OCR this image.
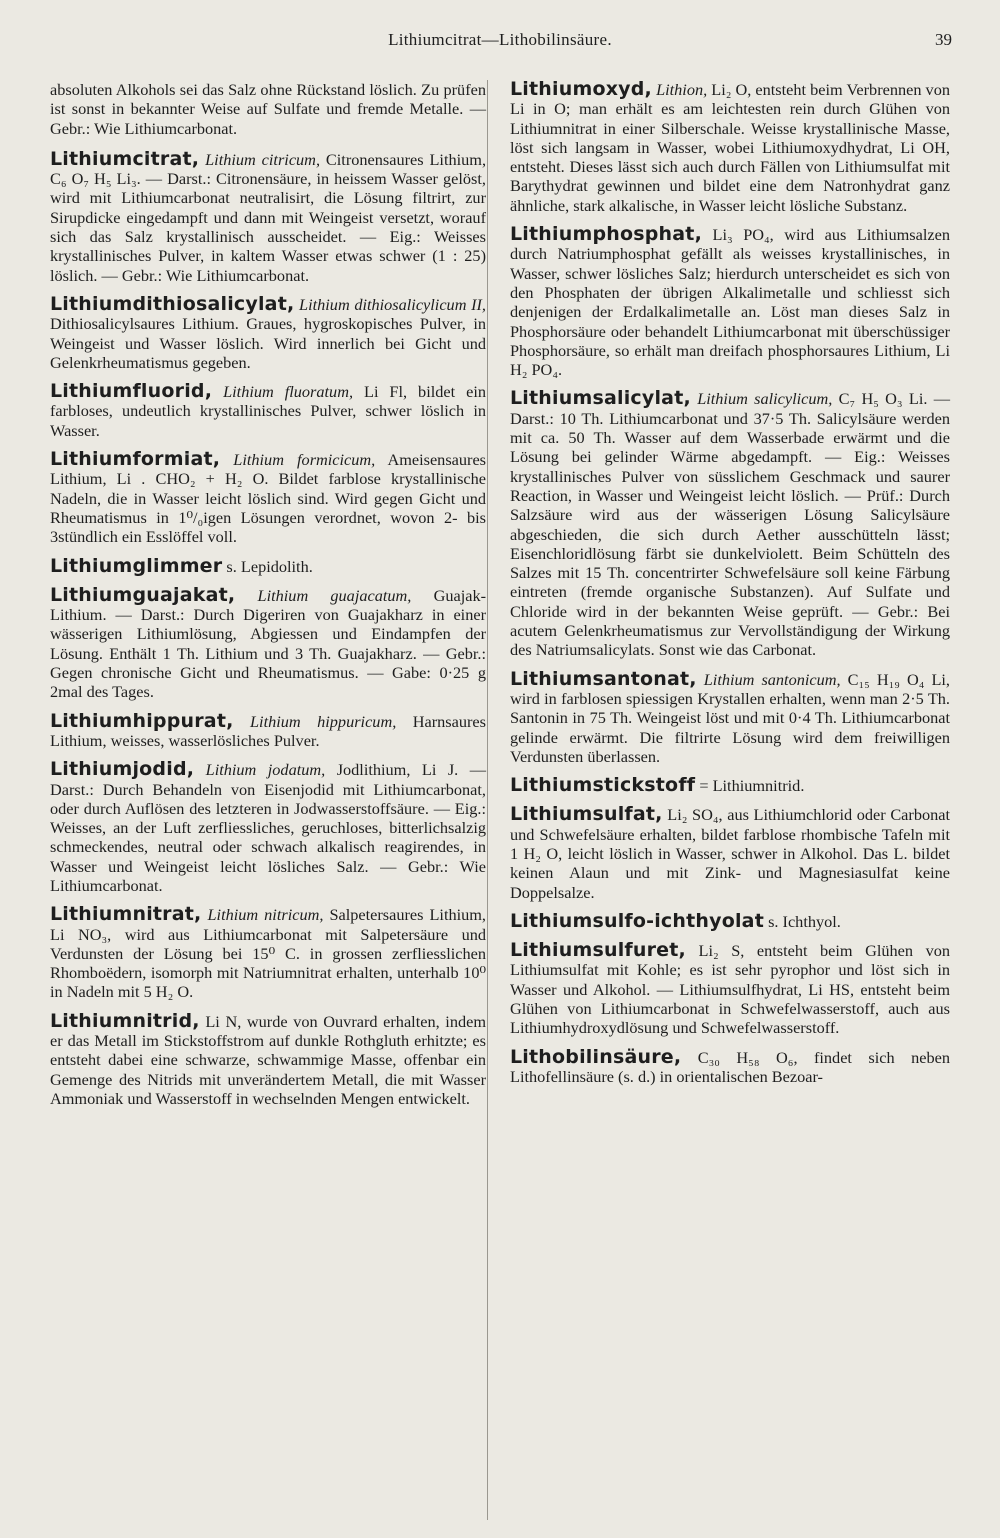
Lithiumcitrat—Lithobilinsäure.	39

absoluten Alkohols sei das Salz ohne Rückstand löslich. Zu prüfen ist sonst in bekannter Weise auf Sulfate und fremde Metalle. — Gebr.: Wie Lithiumcarbonat.

Lithiumcitrat, Lithium citricum, Citronensaures Lithium, C₆ O₇ H₅ Li₃. — Darst.: Citronensäure, in heissem Wasser gelöst, wird mit Lithiumcarbonat neutralisirt, die Lösung filtrirt, zur Sirupdicke eingedampft und dann mit Weingeist versetzt, worauf sich das Salz krystallinisch ausscheidet. — Eig.: Weisses krystallinisches Pulver, in kaltem Wasser etwas schwer (1 : 25) löslich. — Gebr.: Wie Lithiumcarbonat.

Lithiumdithiosalicylat, Lithium dithiosalicylicum II, Dithiosalicylsaures Lithium. Graues, hygroskopisches Pulver, in Weingeist und Wasser löslich. Wird innerlich bei Gicht und Gelenkrheumatismus gegeben.

Lithiumfluorid, Lithium fluoratum, Li Fl, bildet ein farbloses, undeutlich krystallinisches Pulver, schwer löslich in Wasser.

Lithiumformiat, Lithium formicicum, Ameisensaures Lithium, Li . CHO₂ + H₂ O. Bildet farblose krystallinische Nadeln, die in Wasser leicht löslich sind. Wird gegen Gicht und Rheumatismus in 1⁰/₀igen Lösungen verordnet, wovon 2- bis 3stündlich ein Esslöffel voll.

Lithiumglimmer s. Lepidolith.

Lithiumguajakat, Lithium guajacatum, Guajak-Lithium. — Darst.: Durch Digeriren von Guajakharz in einer wässerigen Lithiumlösung, Abgiessen und Eindampfen der Lösung. Enthält 1 Th. Lithium und 3 Th. Guajakharz. — Gebr.: Gegen chronische Gicht und Rheumatismus. — Gabe: 0·25 g 2mal des Tages.

Lithiumhippurat, Lithium hippuricum, Harnsaures Lithium, weisses, wasserlösliches Pulver.

Lithiumjodid, Lithium jodatum, Jodlithium, Li J. — Darst.: Durch Behandeln von Eisenjodid mit Lithiumcarbonat, oder durch Auflösen des letzteren in Jodwasserstoffsäure. — Eig.: Weisses, an der Luft zerfliessliches, geruchloses, bitterlichsalzig schmeckendes, neutral oder schwach alkalisch reagirendes, in Wasser und Weingeist leicht lösliches Salz. — Gebr.: Wie Lithiumcarbonat.

Lithiumnitrat, Lithium nitricum, Salpetersaures Lithium, Li NO₃, wird aus Lithiumcarbonat mit Salpetersäure und Verdunsten der Lösung bei 15⁰ C. in grossen zerfliesslichen Rhomboëdern, isomorph mit Natriumnitrat erhalten, unterhalb 10⁰ in Nadeln mit 5 H₂ O.

Lithiumnitrid, Li N, wurde von Ouvrard erhalten, indem er das Metall im Stickstoffstrom auf dunkle Rothgluth erhitzte; es entsteht dabei eine schwarze, schwammige Masse, offenbar ein Gemenge des Nitrids mit unverändertem Metall, die mit Wasser Ammoniak und Wasserstoff in wechselnden Mengen entwickelt.

Lithiumoxyd, Lithion, Li₂ O, entsteht beim Verbrennen von Li in O; man erhält es am leichtesten rein durch Glühen von Lithiumnitrat in einer Silberschale. Weisse krystallinische Masse, löst sich langsam in Wasser, wobei Lithiumoxydhydrat, Li OH, entsteht. Dieses lässt sich auch durch Fällen von Lithiumsulfat mit Barythydrat gewinnen und bildet eine dem Natronhydrat ganz ähnliche, stark alkalische, in Wasser leicht lösliche Substanz.

Lithiumphosphat, Li₃ PO₄, wird aus Lithiumsalzen durch Natriumphosphat gefällt als weisses krystallinisches, in Wasser, schwer lösliches Salz; hierdurch unterscheidet es sich von den Phosphaten der übrigen Alkalimetalle und schliesst sich denjenigen der Erdalkalimetalle an. Löst man dieses Salz in Phosphorsäure oder behandelt Lithiumcarbonat mit überschüssiger Phosphorsäure, so erhält man dreifach phosphorsaures Lithium, Li H₂ PO₄.

Lithiumsalicylat, Lithium salicylicum, C₇ H₅ O₃ Li. — Darst.: 10 Th. Lithiumcarbonat und 37·5 Th. Salicylsäure werden mit ca. 50 Th. Wasser auf dem Wasserbade erwärmt und die Lösung bei gelinder Wärme abgedampft. — Eig.: Weisses krystallinisches Pulver von süsslichem Geschmack und saurer Reaction, in Wasser und Weingeist leicht löslich. — Prüf.: Durch Salzsäure wird aus der wässerigen Lösung Salicylsäure abgeschieden, die sich durch Aether ausschütteln lässt; Eisenchloridlösung färbt sie dunkelviolett. Beim Schütteln des Salzes mit 15 Th. concentrirter Schwefelsäure soll keine Färbung eintreten (fremde organische Substanzen). Auf Sulfate und Chloride wird in der bekannten Weise geprüft. — Gebr.: Bei acutem Gelenkrheumatismus zur Vervollständigung der Wirkung des Natriumsalicylats. Sonst wie das Carbonat.

Lithiumsantonat, Lithium santonicum, C₁₅ H₁₉ O₄ Li, wird in farblosen spiessigen Krystallen erhalten, wenn man 2·5 Th. Santonin in 75 Th. Weingeist löst und mit 0·4 Th. Lithiumcarbonat gelinde erwärmt. Die filtrirte Lösung wird dem freiwilligen Verdunsten überlassen.

Lithiumstickstoff = Lithiumnitrid.

Lithiumsulfat, Li₂ SO₄, aus Lithiumchlorid oder Carbonat und Schwefelsäure erhalten, bildet farblose rhombische Tafeln mit 1 H₂ O, leicht löslich in Wasser, schwer in Alkohol. Das L. bildet keinen Alaun und mit Zink- und Magnesiasulfat keine Doppelsalze.

Lithiumsulfo-ichthyolat s. Ichthyol.

Lithiumsulfuret, Li₂ S, entsteht beim Glühen von Lithiumsulfat mit Kohle; es ist sehr pyrophor und löst sich in Wasser und Alkohol. — Lithiumsulfhydrat, Li HS, entsteht beim Glühen von Lithiumcarbonat in Schwefelwasserstoff, auch aus Lithiumhydroxydlösung und Schwefelwasserstoff.

Lithobilinsäure, C₃₀ H₅₈ O₆, findet sich neben Lithofellinsäure (s. d.) in orientalischen Bezoar-
